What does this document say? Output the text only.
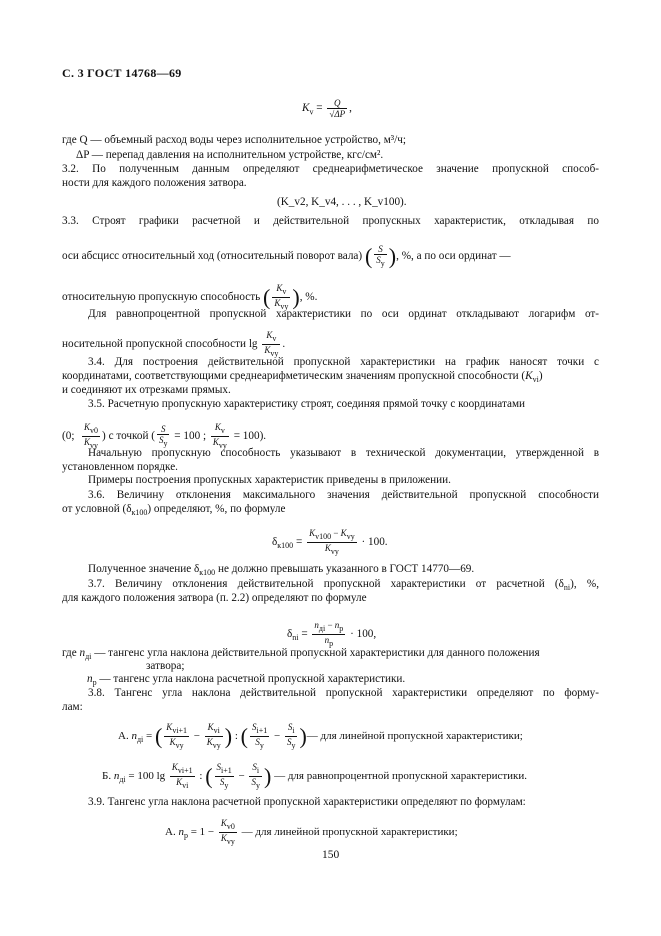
С. 3 ГОСТ 14768—69
$K_v = \frac{Q}{√\Delta P}$ ,
где Q — объемный расход воды через исполнительное устройство, м³/ч;
ΔP — перепад давления на исполнительном устройстве, кгс/см².
3.2. По полученным данным определяют среднеарифметическое значение пропускной способ-
ности для каждого положения затвора.
(K_v2, K_v4, . . . , K_v100).
3.3. Строят графики расчетной и действительной пропускных характеристик, откладывая по
оси абсцисс относительный ход (относительный поворот вала) ( $\frac{S}{Sy}$ ), %, а по оси ординат —
относительную пропускную способность ( $\frac{Kv}{\text{Kvy}}$ ), %.
Для равнопроцентной пропускной характеристики по оси ординат откладывают логарифм от-
носительной пропускной способности $\lg \frac{Kv}{\text{Kvy}}$ .
3.4. Для построения действительной пропускной характеристики на график наносят точки с
координатами, соответствующими среднеарифметическим значениям пропускной способности $(K_{vi})$
и соединяют их отрезками прямых.
3.5. Расчетную пропускную характеристику строят, соединяя прямой точку с координатами
(0; $\frac{Kv0}{\text{Kvy}}$ ) с точкой ( $\frac{S}{Sy} = 100$ ; $\frac{Kv}{\text{Kvy}} = 100$).
Начальную пропускную способность указывают в технической документации, утвержденной в
установленном порядке.
Примеры построения пропускных характеристик приведены в приложении.
3.6. Величину отклонения максимального значения действительной пропускной способности
от условной $(\delta_{к100})$ определяют, %, по формуле
$\delta_{к100} = \frac{\text{Kv100 − Kvy}}{\text{Kvy}} \cdot 100$.
Полученное значение $\delta_{к100}$ не должно превышать указанного в ГОСТ 14770—69.
3.7. Величину отклонения действительной пропускной характеристики от расчетной $(\delta_{ni})$, %,
для каждого положения затвора (п. 2.2) определяют по формуле
$\delta_{ni} = \frac{\text{nдi − np}}{np} \cdot 100$,
где $n_{дi}$ — тангенс угла наклона действительной пропускной характеристики для данного положения
затвора;
$n_p$ — тангенс угла наклона расчетной пропускной характеристики.
3.8. Тангенс угла наклона действительной пропускной характеристики определяют по форму-
лам:
А. $n_{дi}$ = ( $\frac{\text{Kvi+1}}{\text{Kvy}} - \frac{\text{Kvi}}{\text{Kvy}}$ ) : ( $\frac{Si+1}{Sy} - \frac{Si}{Sy}$ )— для линейной пропускной характеристики;
Б. $n_{дi} = 100$ $\lg \frac{\text{Kvi+1}}{\text{Kvi}}$ : ( $\frac{Si+1}{Sy} - \frac{Si}{Sy}$ ) — для равнопроцентной пропускной характеристики.
3.9. Тангенс угла наклона расчетной пропускной характеристики определяют по формулам:
А. $n_p = 1 - \frac{Kv0}{\text{Kvy}}$ — для линейной пропускной характеристики;
150
